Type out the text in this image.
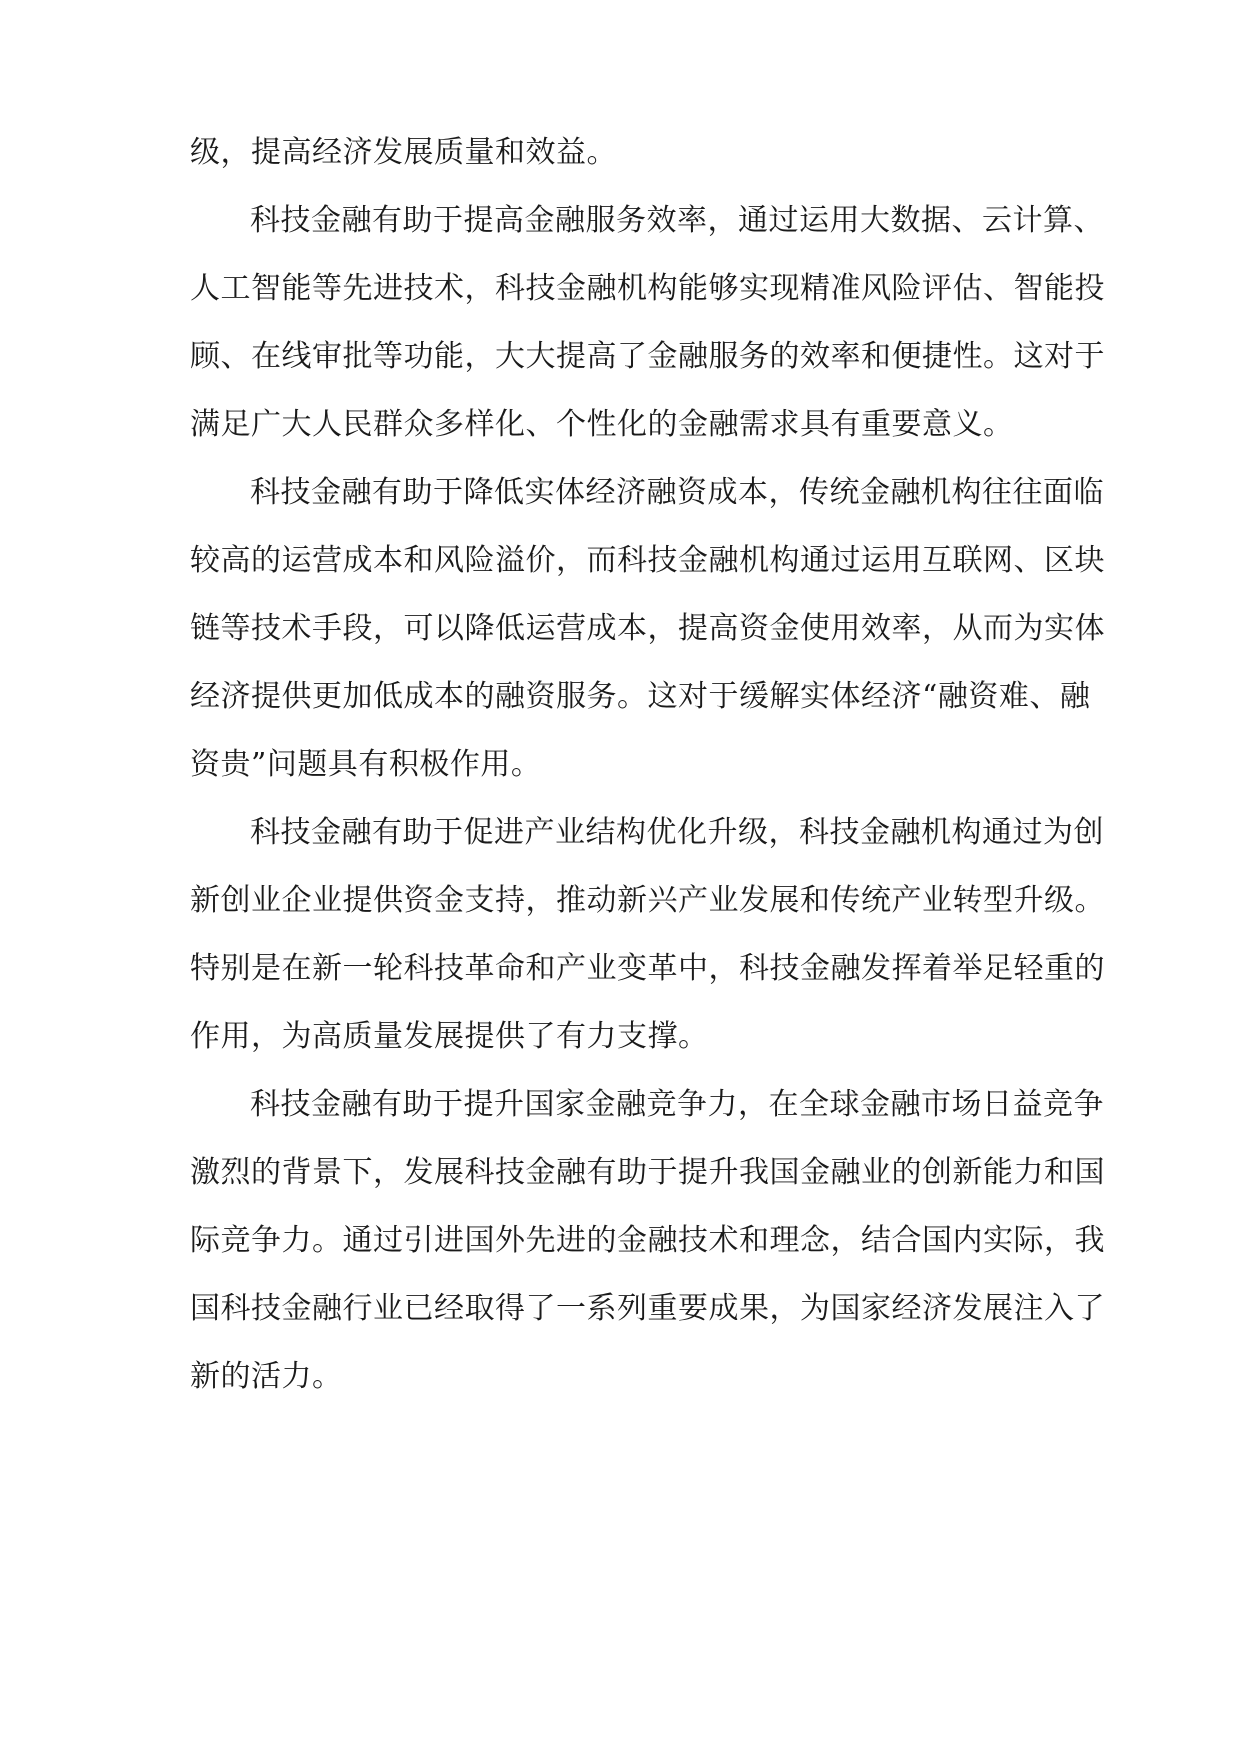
级，提高经济发展质量和效益。
科技金融有助于提高金融服务效率，通过运用大数据、云计算、
人工智能等先进技术，科技金融机构能够实现精准风险评估、智能投
顾、在线审批等功能，大大提高了金融服务的效率和便捷性。这对于
满足广大人民群众多样化、个性化的金融需求具有重要意义。
科技金融有助于降低实体经济融资成本，传统金融机构往往面临
较高的运营成本和风险溢价，而科技金融机构通过运用互联网、区块
链等技术手段，可以降低运营成本，提高资金使用效率，从而为实体
经济提供更加低成本的融资服务。这对于缓解实体经济“融资难、融
资贵”问题具有积极作用。
科技金融有助于促进产业结构优化升级，科技金融机构通过为创
新创业企业提供资金支持，推动新兴产业发展和传统产业转型升级。
特别是在新一轮科技革命和产业变革中，科技金融发挥着举足轻重的
作用，为高质量发展提供了有力支撑。
科技金融有助于提升国家金融竞争力，在全球金融市场日益竞争
激烈的背景下，发展科技金融有助于提升我国金融业的创新能力和国
际竞争力。通过引进国外先进的金融技术和理念，结合国内实际，我
国科技金融行业已经取得了一系列重要成果，为国家经济发展注入了
新的活力。
